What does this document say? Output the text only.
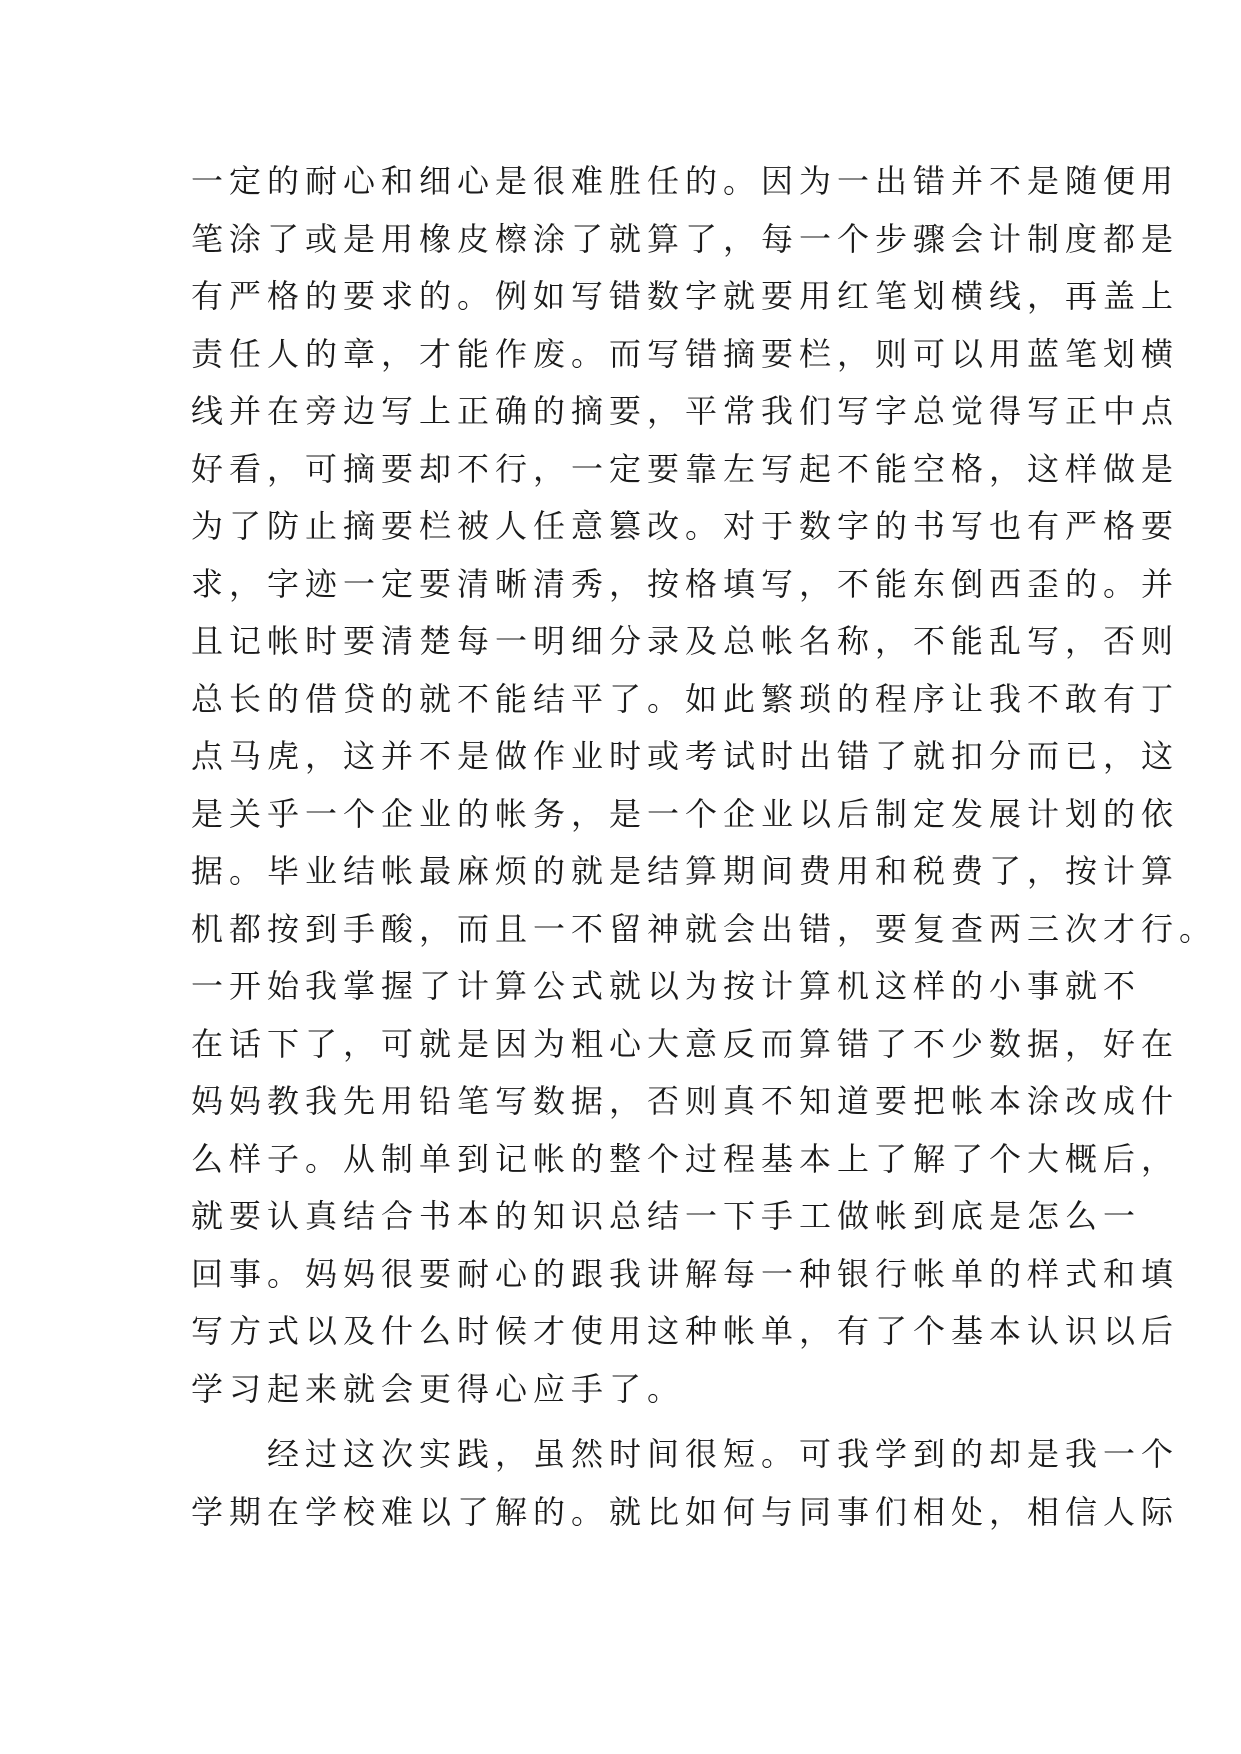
一定的耐心和细心是很难胜任的。因为一出错并不是随便用
笔涂了或是用橡皮檫涂了就算了，每一个步骤会计制度都是
有严格的要求的。例如写错数字就要用红笔划横线，再盖上
责任人的章，才能作废。而写错摘要栏，则可以用蓝笔划横
线并在旁边写上正确的摘要，平常我们写字总觉得写正中点
好看，可摘要却不行，一定要靠左写起不能空格，这样做是
为了防止摘要栏被人任意篡改。对于数字的书写也有严格要
求，字迹一定要清晰清秀，按格填写，不能东倒西歪的。并
且记帐时要清楚每一明细分录及总帐名称，不能乱写，否则
总长的借贷的就不能结平了。如此繁琐的程序让我不敢有丁
点马虎，这并不是做作业时或考试时出错了就扣分而已，这
是关乎一个企业的帐务，是一个企业以后制定发展计划的依
据。毕业结帐最麻烦的就是结算期间费用和税费了，按计算
机都按到手酸，而且一不留神就会出错，要复查两三次才行。
一开始我掌握了计算公式就以为按计算机这样的小事就不
在话下了，可就是因为粗心大意反而算错了不少数据，好在
妈妈教我先用铅笔写数据，否则真不知道要把帐本涂改成什
么样子。从制单到记帐的整个过程基本上了解了个大概后，
就要认真结合书本的知识总结一下手工做帐到底是怎么一
回事。妈妈很要耐心的跟我讲解每一种银行帐单的样式和填
写方式以及什么时候才使用这种帐单，有了个基本认识以后
学习起来就会更得心应手了。
　　经过这次实践，虽然时间很短。可我学到的却是我一个
学期在学校难以了解的。就比如何与同事们相处，相信人际
